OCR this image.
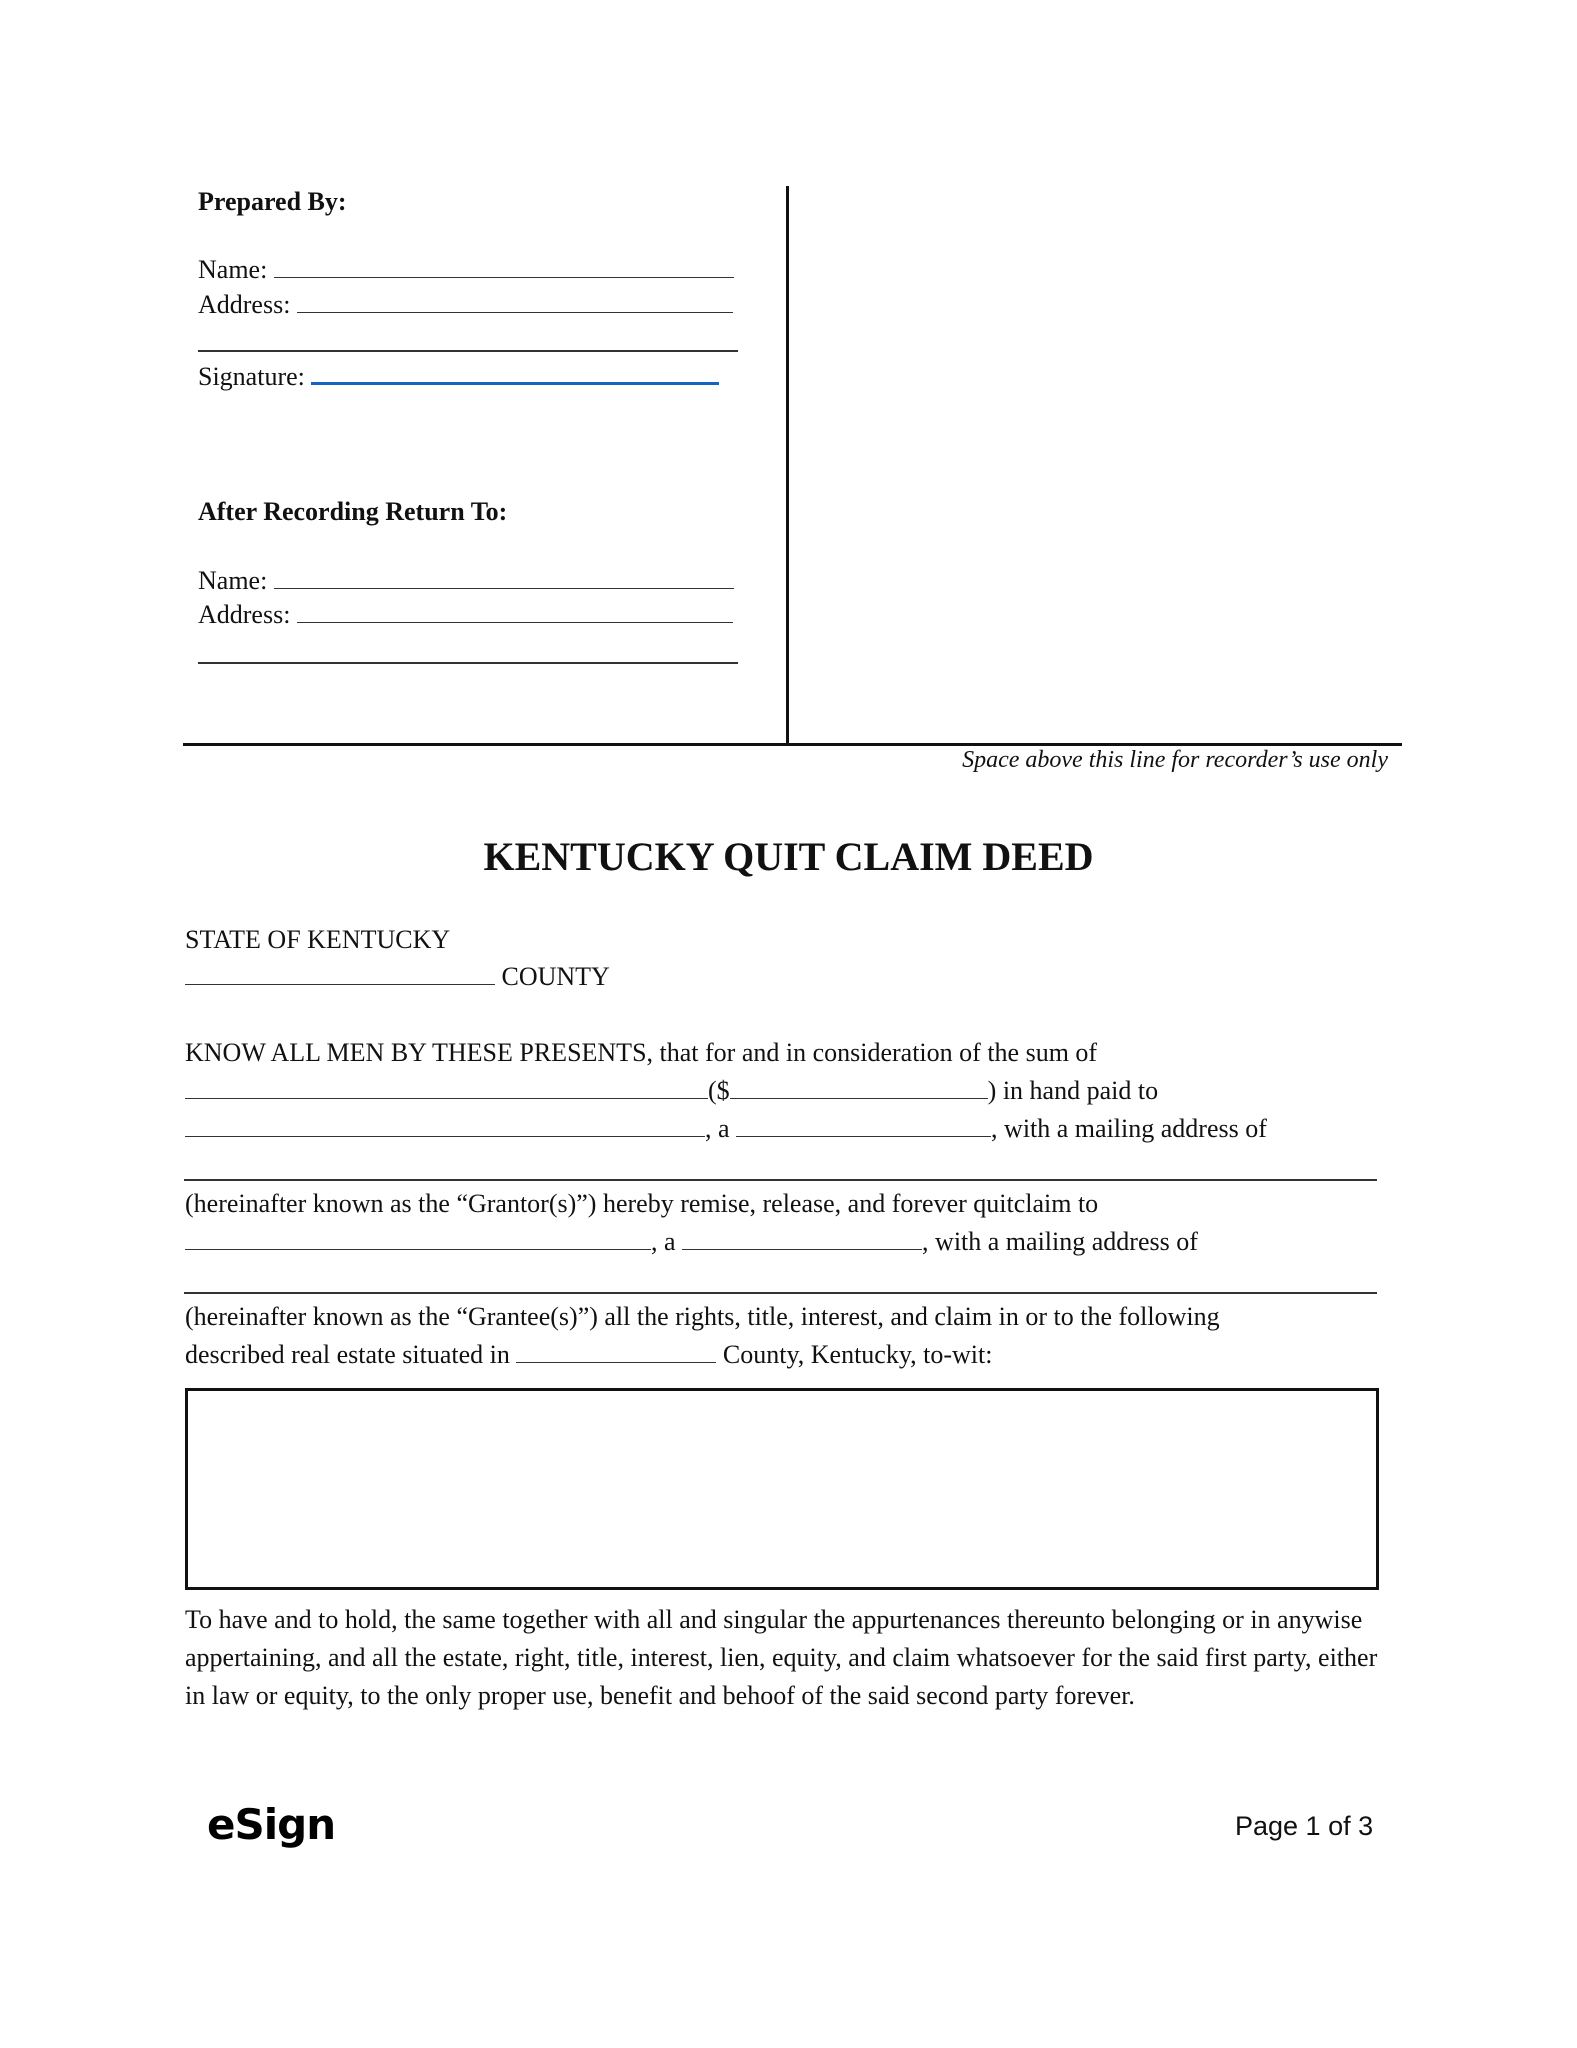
Prepared By:
Name:
Address:
Signature:
After Recording Return To:
Name:
Address:
Space above this line for recorder’s use only
KENTUCKY QUIT CLAIM DEED
STATE OF KENTUCKY
COUNTY
KNOW ALL MEN BY THESE PRESENTS, that for and in consideration of the sum of
($	) in hand paid to
, a	, with a mailing address of
(hereinafter known as the “Grantor(s)”) hereby remise, release, and forever quitclaim to
, a	, with a mailing address of
(hereinafter known as the “Grantee(s)”) all the rights, title, interest, and claim in or to the following
described real estate situated in	County, Kentucky, to-wit:
To have and to hold, the same together with all and singular the appurtenances thereunto belonging or in anywise appertaining, and all the estate, right, title, interest, lien, equity, and claim whatsoever for the said first party, either in law or equity, to the only proper use, benefit and behoof of the said second party forever.
eSign	Page 1 of 3
